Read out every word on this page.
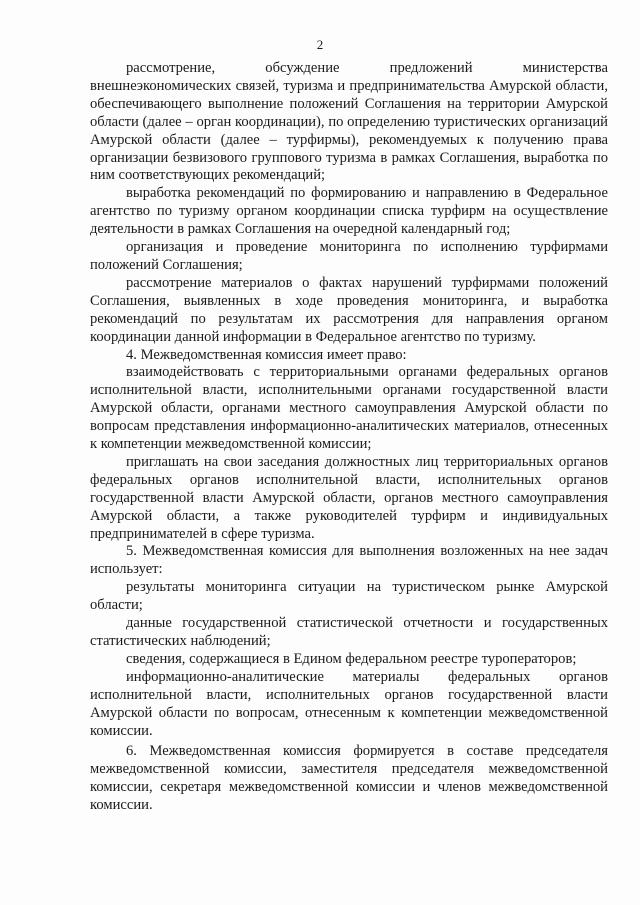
2

рассмотрение, обсуждение предложений министерства внешнеэкономических связей, туризма и предпринимательства Амурской области, обеспечивающего выполнение положений Соглашения на территории Амурской области (далее – орган координации), по определению туристических организаций Амурской области (далее – турфирмы), рекомендуемых к получению права организации безвизового группового туризма в рамках Соглашения, выработка по ним соответствующих рекомендаций;

выработка рекомендаций по формированию и направлению в Федеральное агентство по туризму органом координации списка турфирм на осуществление деятельности в рамках Соглашения на очередной календарный год;

организация и проведение мониторинга по исполнению турфирмами положений Соглашения;

рассмотрение материалов о фактах нарушений турфирмами положений Соглашения, выявленных в ходе проведения мониторинга, и выработка рекомендаций по результатам их рассмотрения для направления органом координации данной информации в Федеральное агентство по туризму.

4. Межведомственная комиссия имеет право:

взаимодействовать с территориальными органами федеральных органов исполнительной власти, исполнительными органами государственной власти Амурской области, органами местного самоуправления Амурской области по вопросам представления информационно-аналитических материалов, отнесенных к компетенции межведомственной комиссии;

приглашать на свои заседания должностных лиц территориальных органов федеральных органов исполнительной власти, исполнительных органов государственной власти Амурской области, органов местного самоуправления Амурской области, а также руководителей турфирм и индивидуальных предпринимателей в сфере туризма.

5. Межведомственная комиссия для выполнения возложенных на нее задач использует:

результаты мониторинга ситуации на туристическом рынке Амурской области;

данные государственной статистической отчетности и государственных статистических наблюдений;

сведения, содержащиеся в Едином федеральном реестре туроператоров;

информационно-аналитические материалы федеральных органов исполнительной власти, исполнительных органов государственной власти Амурской области по вопросам, отнесенным к компетенции межведомственной комиссии.

6. Межведомственная комиссия формируется в составе председателя межведомственной комиссии, заместителя председателя межведомственной комиссии, секретаря межведомственной комиссии и членов межведомственной комиссии.
